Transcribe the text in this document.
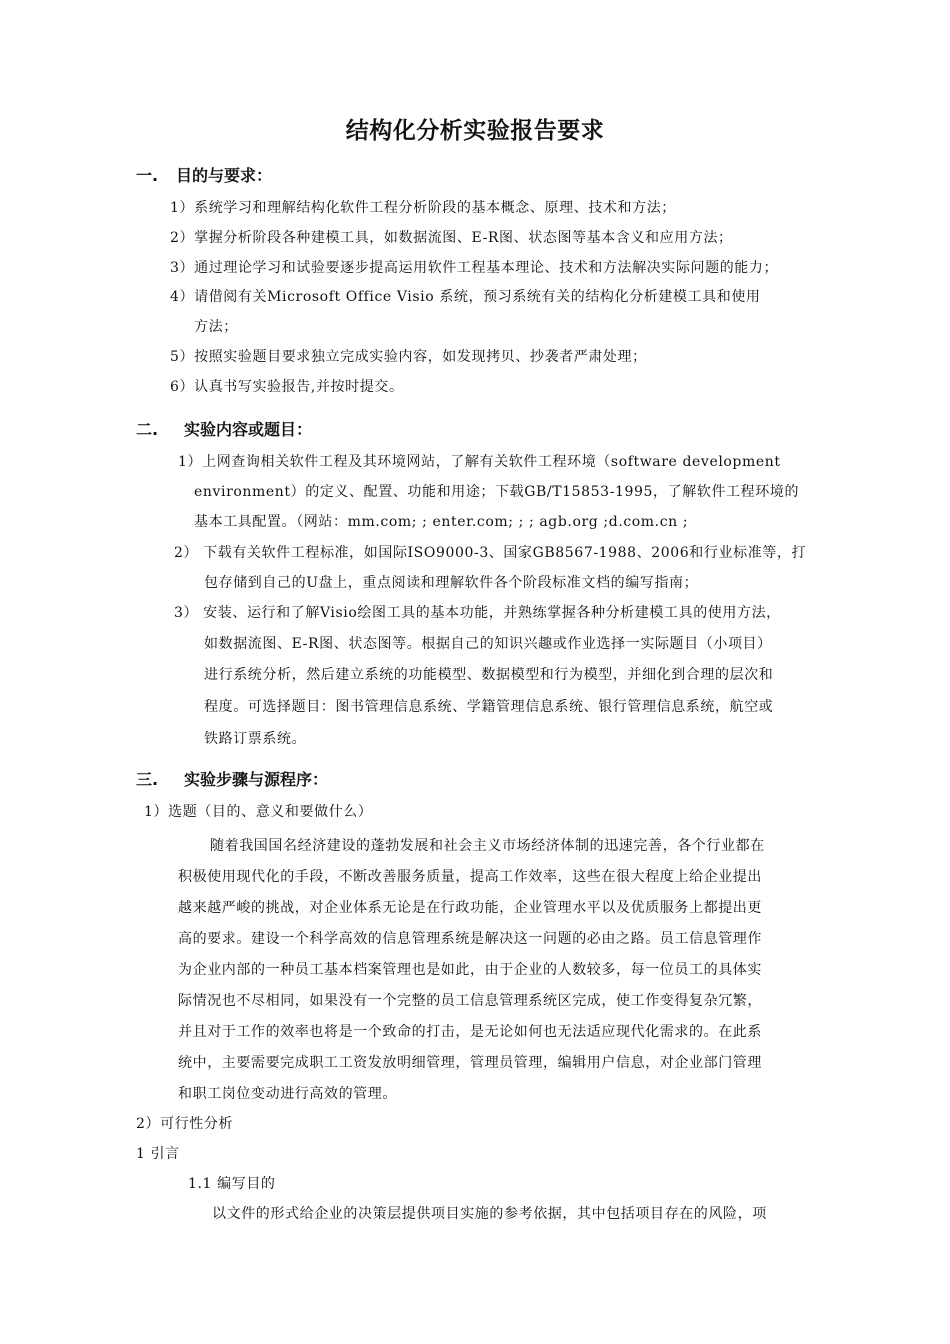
结构化分析实验报告要求
一. 目的与要求：
1）系统学习和理解结构化软件工程分析阶段的基本概念、原理、技术和方法；
2）掌握分析阶段各种建模工具，如数据流图、E-R图、状态图等基本含义和应用方法；
3）通过理论学习和试验要逐步提高运用软件工程基本理论、技术和方法解决实际问题的能力；
4）请借阅有关Microsoft Office Visio 系统，预习系统有关的结构化分析建模工具和使用
方法；
5）按照实验题目要求独立完成实验内容，如发现拷贝、抄袭者严肃处理；
6）认真书写实验报告,并按时提交。
二. 实验内容或题目：
1）上网查询相关软件工程及其环境网站，了解有关软件工程环境（software development
environment）的定义、配置、功能和用途；下载GB/T15853-1995，了解软件工程环境的
基本工具配置。（网站：mm.com; ; enter.com; ; ; agb.org ;d.com.cn ;
2） 下载有关软件工程标准，如国际ISO9000-3、国家GB8567-1988、2006和行业标准等，打
包存储到自己的U盘上，重点阅读和理解软件各个阶段标准文档的编写指南；
3） 安装、运行和了解Visio绘图工具的基本功能，并熟练掌握各种分析建模工具的使用方法，
如数据流图、E-R图、状态图等。根据自己的知识兴趣或作业选择一实际题目（小项目）
进行系统分析，然后建立系统的功能模型、数据模型和行为模型，并细化到合理的层次和
程度。可选择题目：图书管理信息系统、学籍管理信息系统、银行管理信息系统，航空或
铁路订票系统。
三. 实验步骤与源程序：
1）选题（目的、意义和要做什么）
随着我国国名经济建设的蓬勃发展和社会主义市场经济体制的迅速完善，各个行业都在
积极使用现代化的手段，不断改善服务质量，提高工作效率，这些在很大程度上给企业提出
越来越严峻的挑战，对企业体系无论是在行政功能，企业管理水平以及优质服务上都提出更
高的要求。建设一个科学高效的信息管理系统是解决这一问题的必由之路。员工信息管理作
为企业内部的一种员工基本档案管理也是如此，由于企业的人数较多，每一位员工的具体实
际情况也不尽相同，如果没有一个完整的员工信息管理系统区完成，使工作变得复杂冗繁，
并且对于工作的效率也将是一个致命的打击，是无论如何也无法适应现代化需求的。在此系
统中，主要需要完成职工工资发放明细管理，管理员管理，编辑用户信息，对企业部门管理
和职工岗位变动进行高效的管理。
2）可行性分析
1 引言
1.1 编写目的
以文件的形式给企业的决策层提供项目实施的参考依据，其中包括项目存在的风险，项
